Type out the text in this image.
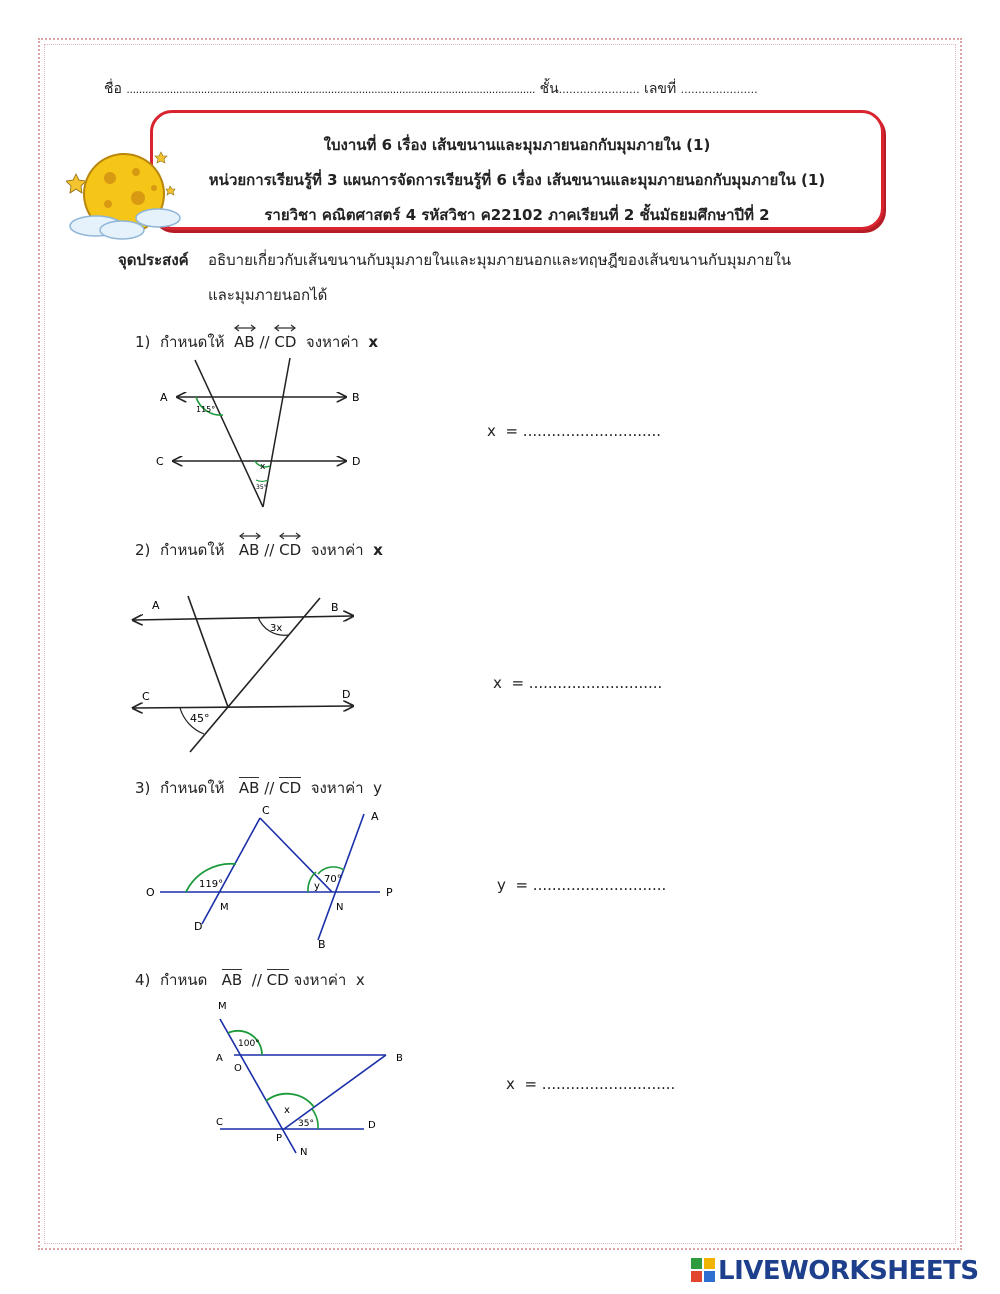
ชื่อ .................................................................................................................................... ชั้น...........…......... เลขที่ ......................
ใบงานที่ 6 เรื่อง เส้นขนานและมุมภายนอกกับมุมภายใน (1)
หน่วยการเรียนรู้ที่ 3 แผนการจัดการเรียนรู้ที่ 6 เรื่อง เส้นขนานและมุมภายนอกกับมุมภายใน (1)
รายวิชา คณิตศาสตร์ 4 รหัสวิชา ค22102 ภาคเรียนที่ 2 ชั้นมัธยมศึกษาปีที่ 2
จุดประสงค์ อธิบายเกี่ยวกับเส้นขนานกับมุมภายในและมุมภายนอกและทฤษฎีของเส้นขนานกับมุมภายใน
และมุมภายนอกได้
1) กำหนดให้ AB // CD จงหาค่า x
A	B
C	D
115°
x
35°
x = .............................
2) กำหนดให้ AB // CD จงหาค่า x
A	B
C	D
3x
45°
x = ............................
3) กำหนดให้ AB // CD จงหาค่า y
O	P
C
D
A
B
M	N
119°	70°
y	y = ............................
4) กำหนด AB // CD จงหาค่า x
M
A
O
B
C	D
P
N
100°
x
35°
x = ............................
LIVEWORKSHEETS
